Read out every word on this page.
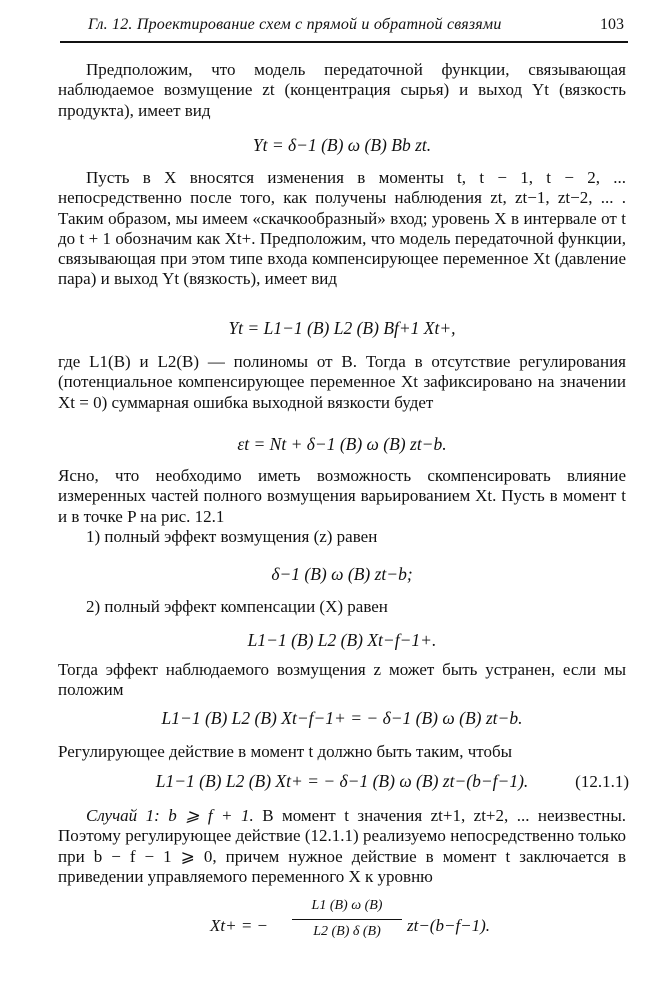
Гл. 12. Проектирование схем с прямой и обратной связями	103
Предположим, что модель передаточной функции, связывающая наблюдаемое возмущение zt (концентрация сырья) и выход Yt (вязкость продукта), имеет вид
Yt = δ−1 (B) ω (B) Bb zt.
Пусть в X вносятся изменения в моменты t, t − 1, t − 2, ... непосредственно после того, как получены наблюдения zt, zt−1, zt−2, ... . Таким образом, мы имеем «скачкообразный» вход; уровень X в интервале от t до t + 1 обозначим как Xt+. Предположим, что модель передаточной функции, связывающая при этом типе входа компенсирующее переменное Xt (давление пара) и выход Yt (вязкость), имеет вид
Yt = L1−1 (B) L2 (B) Bf+1 Xt+,
где L1(B) и L2(B) — полиномы от B. Тогда в отсутствие регулирования (потенциальное компенсирующее переменное Xt зафиксировано на значении Xt = 0) суммарная ошибка выходной вязкости будет
εt = Nt + δ−1 (B) ω (B) zt−b.
Ясно, что необходимо иметь возможность скомпенсировать влияние измеренных частей полного возмущения варьированием Xt. Пусть в момент t и в точке P на рис. 12.1
1) полный эффект возмущения (z) равен
δ−1 (B) ω (B) zt−b;
2) полный эффект компенсации (X) равен
L1−1 (B) L2 (B) Xt−f−1+.
Тогда эффект наблюдаемого возмущения z может быть устранен, если мы положим
L1−1 (B) L2 (B) Xt−f−1+ = − δ−1 (B) ω (B) zt−b.
Регулирующее действие в момент t должно быть таким, чтобы
L1−1 (B) L2 (B) Xt+ = − δ−1 (B) ω (B) zt−(b−f−1).	(12.1.1)
Случай 1: b ⩾ f + 1. В момент t значения zt+1, zt+2, ... неизвестны. Поэтому регулирующее действие (12.1.1) реализуемо непосредственно только при b − f − 1 ⩾ 0, причем нужное действие в момент t заключается в приведении управляемого переменного X к уровню
Xt+ = −
L1 (B) ω (B)
L2 (B) δ (B)	zt−(b−f−1).
